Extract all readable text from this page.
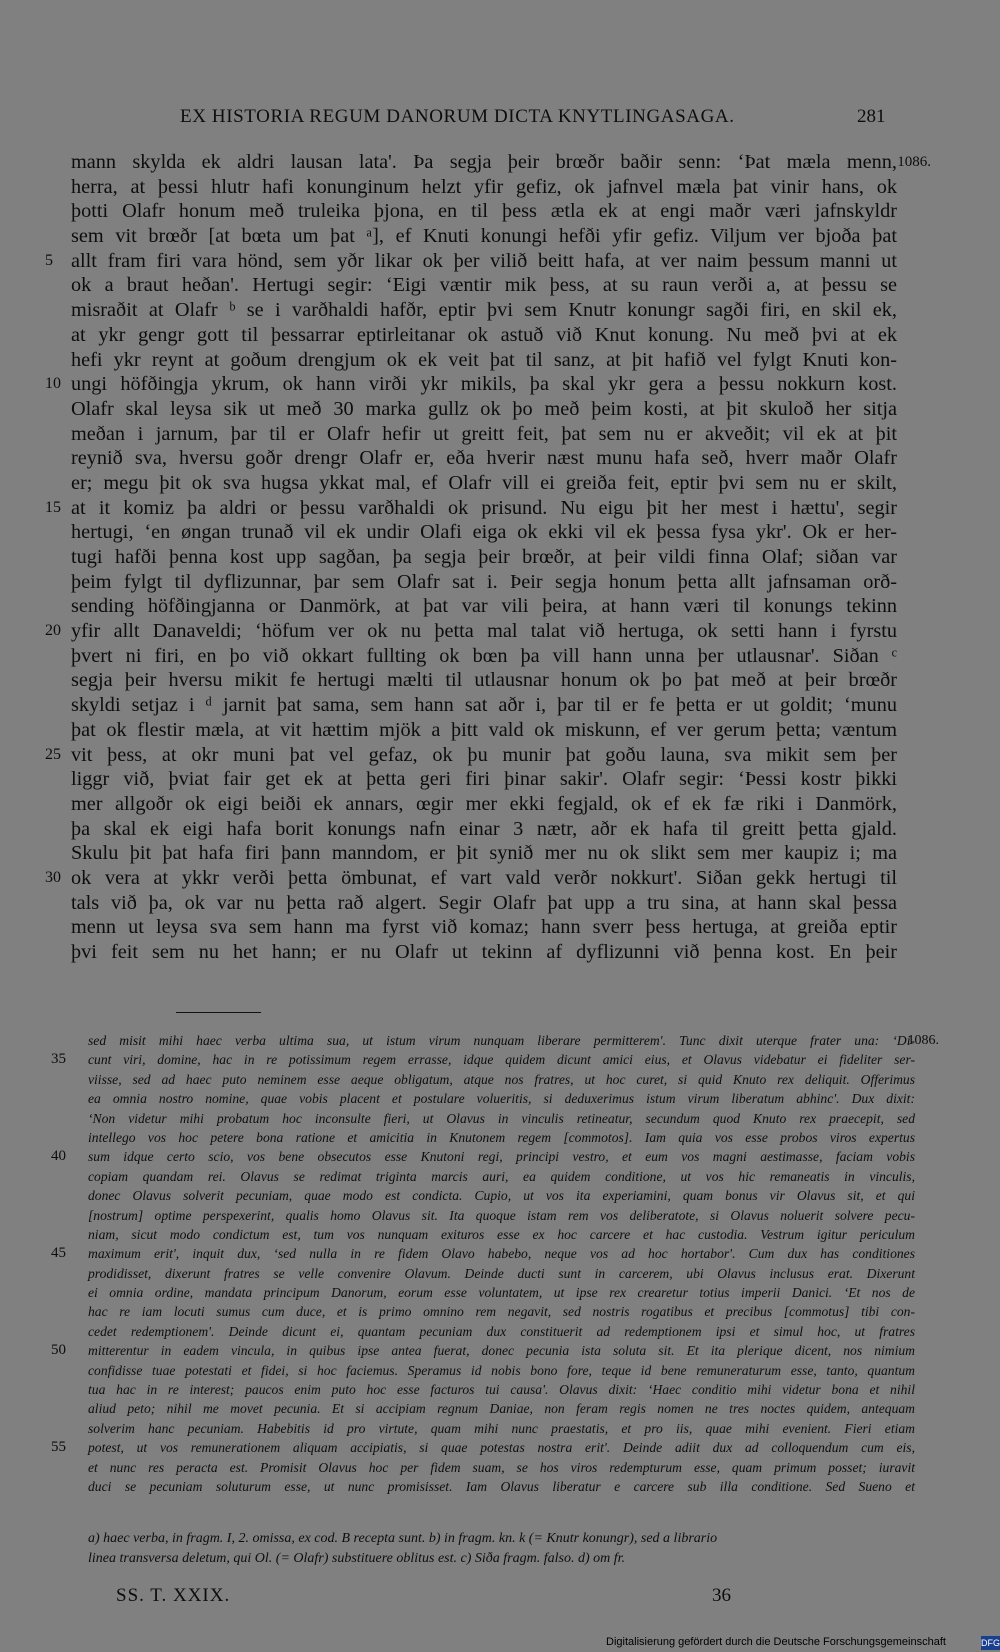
EX HISTORIA REGUM DANORUM DICTA KNYTLINGASAGA.	281
mann skylda ek aldri lausan lata'. Þa segja þeir brœðr baðir senn: ‘Þat mæla menn, 1086.
herra, at þessi hlutr hafi konunginum helzt yfir gefiz, ok jafnvel mæla þat vinir hans, ok
þotti Olafr honum með truleika þjona, en til þess ætla ek at engi maðr væri jafnskyldr
sem vit brœðr [at bœta um þat ᵃ], ef Knuti konungi hefði yfir gefiz. Viljum ver bjoða þat
5 allt fram firi vara hönd, sem yðr likar ok þer vilið beitt hafa, at ver naim þessum manni ut
ok a braut heðan'. Hertugi segir: ‘Eigi væntir mik þess, at su raun verði a, at þessu se
misraðit at Olafr ᵇ se i varðhaldi hafðr, eptir þvi sem Knutr konungr sagði firi, en skil ek,
at ykr gengr gott til þessarrar eptirleitanar ok astuð við Knut konung. Nu með þvi at ek
hefi ykr reynt at goðum drengjum ok ek veit þat til sanz, at þit hafið vel fylgt Knuti kon-
10 ungi höfðingja ykrum, ok hann virði ykr mikils, þa skal ykr gera a þessu nokkurn kost.
Olafr skal leysa sik ut með 30 marka gullz ok þo með þeim kosti, at þit skuloð her sitja
meðan i jarnum, þar til er Olafr hefir ut greitt feit, þat sem nu er akveðit; vil ek at þit
reynið sva, hversu goðr drengr Olafr er, eða hverir næst munu hafa seð, hverr maðr Olafr
er; megu þit ok sva hugsa ykkat mal, ef Olafr vill ei greiða feit, eptir þvi sem nu er skilt,
15 at it komiz þa aldri or þessu varðhaldi ok prisund. Nu eigu þit her mest i hættu', segir
hertugi, ‘en øngan trunað vil ek undir Olafi eiga ok ekki vil ek þessa fysa ykr'. Ok er her-
tugi hafði þenna kost upp sagðan, þa segja þeir brœðr, at þeir vildi finna Olaf; siðan var
þeim fylgt til dyflizunnar, þar sem Olafr sat i. Þeir segja honum þetta allt jafnsaman orð-
sending höfðingjanna or Danmörk, at þat var vili þeira, at hann væri til konungs tekinn
20 yfir allt Danaveldi; ‘höfum ver ok nu þetta mal talat við hertuga, ok setti hann i fyrstu
þvert ni firi, en þo við okkart fullting ok bœn þa vill hann unna þer utlausnar'. Siðan ᶜ
segja þeir hversu mikit fe hertugi mælti til utlausnar honum ok þo þat með at þeir brœðr
skyldi setjaz i ᵈ jarnit þat sama, sem hann sat aðr i, þar til er fe þetta er ut goldit; ‘munu
þat ok flestir mæla, at vit hættim mjök a þitt vald ok miskunn, ef ver gerum þetta; væntum
25 vit þess, at okr muni þat vel gefaz, ok þu munir þat goðu launa, sva mikit sem þer
liggr við, þviat fair get ek at þetta geri firi þinar sakir'. Olafr segir: ‘Þessi kostr þikki
mer allgoðr ok eigi beiði ek annars, œgir mer ekki fegjald, ok ef ek fæ riki i Danmörk,
þa skal ek eigi hafa borit konungs nafn einar 3 nætr, aðr ek hafa til greitt þetta gjald.
Skulu þit þat hafa firi þann manndom, er þit synið mer nu ok slikt sem mer kaupiz i; ma
30 ok vera at ykkr verði þetta ömbunat, ef vart vald verðr nokkurt'. Siðan gekk hertugi til
tals við þa, ok var nu þetta rað algert. Segir Olafr þat upp a tru sina, at hann skal þessa
menn ut leysa sva sem hann ma fyrst við komaz; hann sverr þess hertuga, at greiða eptir
þvi feit sem nu het hann; er nu Olafr ut tekinn af dyflizunni við þenna kost. En þeir
sed misit mihi haec verba ultima sua, ut istum virum nunquam liberare permitterem'. Tunc dixit uterque frater una: ‘Di-
1086.
35 cunt viri, domine, hac in re potissimum regem errasse, idque quidem dicunt amici eius, et Olavus videbatur ei fideliter ser-
viisse, sed ad haec puto neminem esse aeque obligatum, atque nos fratres, ut hoc curet, si quid Knuto rex deliquit. Offerimus
ea omnia nostro nomine, quae vobis placent et postulare volueritis, si deduxerimus istum virum liberatum abhinc'. Dux dixit:
‘Non videtur mihi probatum hoc inconsulte fieri, ut Olavus in vinculis retineatur, secundum quod Knuto rex praecepit, sed
intellego vos hoc petere bona ratione et amicitia in Knutonem regem [commotos]. Iam quia vos esse probos viros expertus
40 sum idque certo scio, vos bene obsecutos esse Knutoni regi, principi vestro, et eum vos magni aestimasse, faciam vobis
copiam quandam rei. Olavus se redimat triginta marcis auri, ea quidem conditione, ut vos hic remaneatis in vinculis,
donec Olavus solverit pecuniam, quae modo est condicta. Cupio, ut vos ita experiamini, quam bonus vir Olavus sit, et qui
[nostrum] optime perspexerint, qualis homo Olavus sit. Ita quoque istam rem vos deliberatote, si Olavus noluerit solvere pecu-
niam, sicut modo condictum est, tum vos nunquam exituros esse ex hoc carcere et hac custodia. Vestrum igitur periculum
45 maximum erit', inquit dux, ‘sed nulla in re fidem Olavo habebo, neque vos ad hoc hortabor'. Cum dux has conditiones
prodidisset, dixerunt fratres se velle convenire Olavum. Deinde ducti sunt in carcerem, ubi Olavus inclusus erat. Dixerunt
ei omnia ordine, mandata principum Danorum, eorum esse voluntatem, ut ipse rex crearetur totius imperii Danici. ‘Et nos de
hac re iam locuti sumus cum duce, et is primo omnino rem negavit, sed nostris rogatibus et precibus [commotus] tibi con-
cedet redemptionem'. Deinde dicunt ei, quantam pecuniam dux constituerit ad redemptionem ipsi et simul hoc, ut fratres
50 mitterentur in eadem vincula, in quibus ipse antea fuerat, donec pecunia ista soluta sit. Et ita plerique dicent, nos nimium
confidisse tuae potestati et fidei, si hoc faciemus. Speramus id nobis bono fore, teque id bene remuneraturum esse, tanto, quantum
tua hac in re interest; paucos enim puto hoc esse facturos tui causa'. Olavus dixit: ‘Haec conditio mihi videtur bona et nihil
aliud peto; nihil me movet pecunia. Et si accipiam regnum Daniae, non feram regis nomen ne tres noctes quidem, antequam
solverim hanc pecuniam. Habebitis id pro virtute, quam mihi nunc praestatis, et pro iis, quae mihi evenient. Fieri etiam
55 potest, ut vos remunerationem aliquam accipiatis, si quae potestas nostra erit'. Deinde adiit dux ad colloquendum cum eis,
et nunc res peracta est. Promisit Olavus hoc per fidem suam, se hos viros redempturum esse, quam primum posset; iuravit
duci se pecuniam soluturum esse, ut nunc promisisset. Iam Olavus liberatur e carcere sub illa conditione. Sed Sueno et
a) haec verba, in fragm. I, 2. omissa, ex cod. B recepta sunt. b) in fragm. kn. k (= Knutr konungr), sed a librario
linea transversa deletum, qui Ol. (= Olafr) substituere oblitus est. c) Siða fragm. falso. d) om fr.
SS. T. XXIX.	36
Digitalisierung gefördert durch die Deutsche Forschungsgemeinschaft	DFG
